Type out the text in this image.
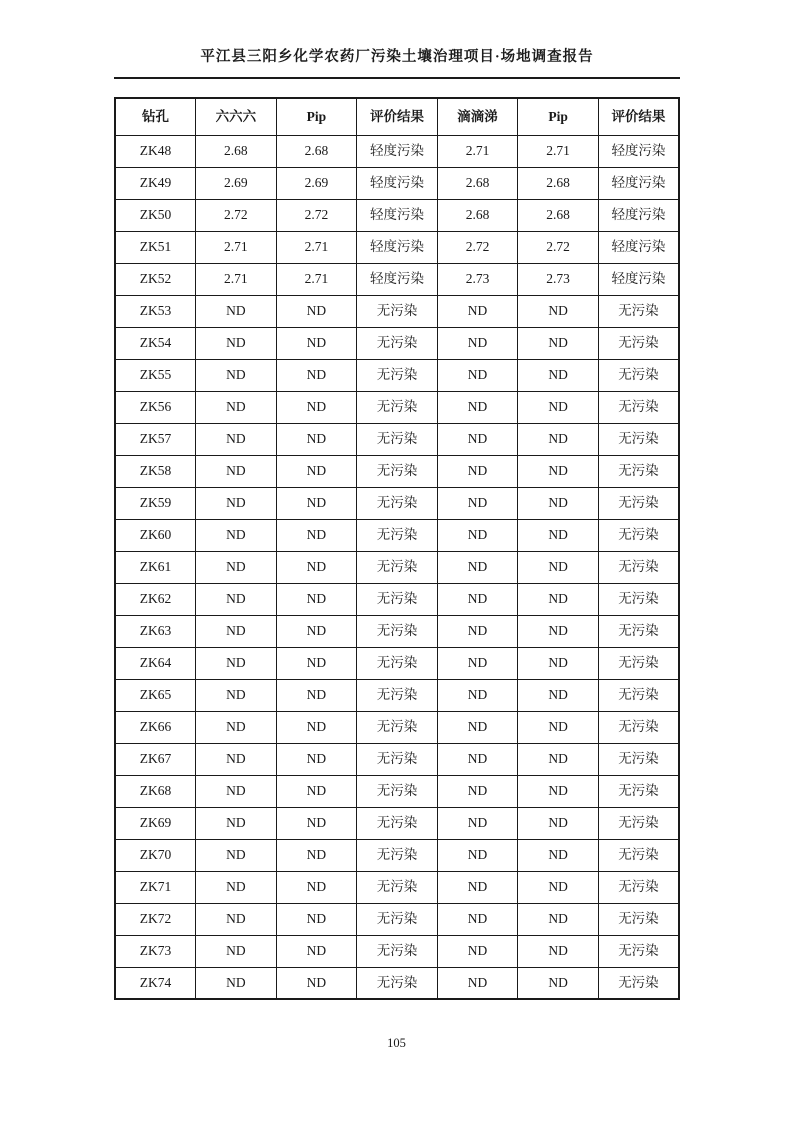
平江县三阳乡化学农药厂污染土壤治理项目·场地调查报告
钻孔	六六六	Pip	评价结果	滴滴涕	Pip	评价结果
ZK48	2.68	2.68	轻度污染	2.71	2.71	轻度污染
ZK49	2.69	2.69	轻度污染	2.68	2.68	轻度污染
ZK50	2.72	2.72	轻度污染	2.68	2.68	轻度污染
ZK51	2.71	2.71	轻度污染	2.72	2.72	轻度污染
ZK52	2.71	2.71	轻度污染	2.73	2.73	轻度污染
ZK53	ND	ND	无污染	ND	ND	无污染
ZK54	ND	ND	无污染	ND	ND	无污染
ZK55	ND	ND	无污染	ND	ND	无污染
ZK56	ND	ND	无污染	ND	ND	无污染
ZK57	ND	ND	无污染	ND	ND	无污染
ZK58	ND	ND	无污染	ND	ND	无污染
ZK59	ND	ND	无污染	ND	ND	无污染
ZK60	ND	ND	无污染	ND	ND	无污染
ZK61	ND	ND	无污染	ND	ND	无污染
ZK62	ND	ND	无污染	ND	ND	无污染
ZK63	ND	ND	无污染	ND	ND	无污染
ZK64	ND	ND	无污染	ND	ND	无污染
ZK65	ND	ND	无污染	ND	ND	无污染
ZK66	ND	ND	无污染	ND	ND	无污染
ZK67	ND	ND	无污染	ND	ND	无污染
ZK68	ND	ND	无污染	ND	ND	无污染
ZK69	ND	ND	无污染	ND	ND	无污染
ZK70	ND	ND	无污染	ND	ND	无污染
ZK71	ND	ND	无污染	ND	ND	无污染
ZK72	ND	ND	无污染	ND	ND	无污染
ZK73	ND	ND	无污染	ND	ND	无污染
ZK74	ND	ND	无污染	ND	ND	无污染
105
